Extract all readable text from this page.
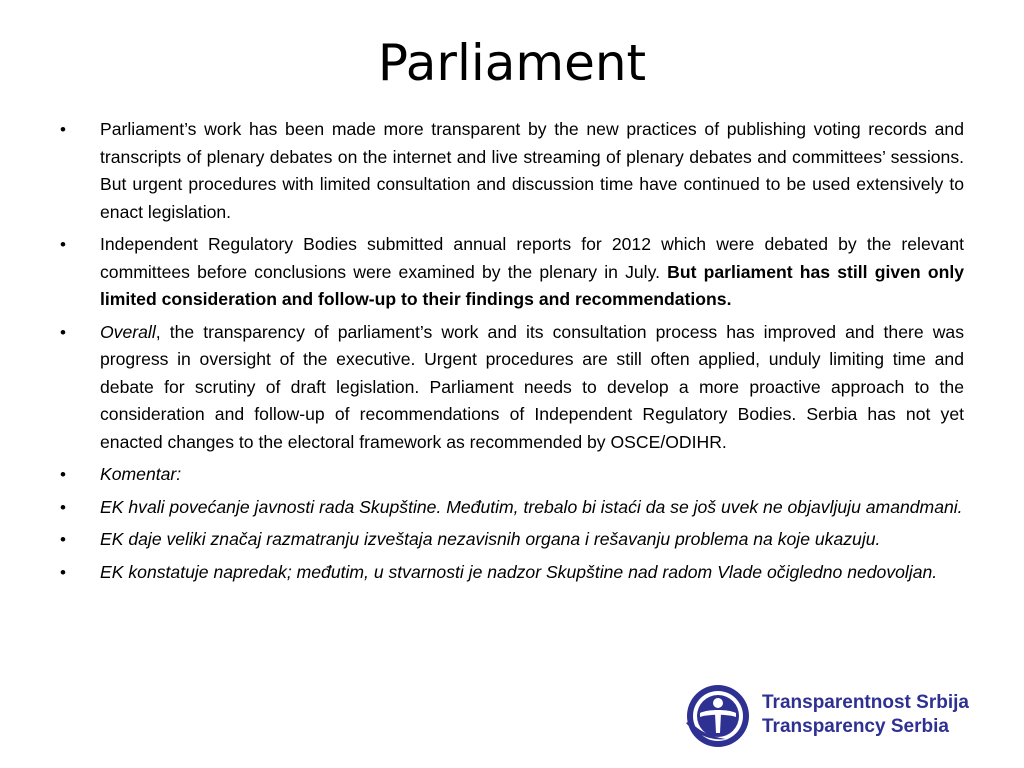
Parliament
•	Parliament’s work has been made more transparent by the new practices of publishing voting records and transcripts of plenary debates on the internet and live streaming of plenary debates and committees’ sessions. But urgent procedures with limited consultation and discussion time have continued to be used extensively to enact legislation.
•	Independent Regulatory Bodies submitted annual reports for 2012 which were debated by the relevant committees before conclusions were examined by the plenary in July. But parliament has still given only limited consideration and follow-up to their findings and recommendations.
•	Overall, the transparency of parliament’s work and its consultation process has improved and there was progress in oversight of the executive. Urgent procedures are still often applied, unduly limiting time and debate for scrutiny of draft legislation. Parliament needs to develop a more proactive approach to the consideration and follow-up of recommendations of Independent Regulatory Bodies. Serbia has not yet enacted changes to the electoral framework as recommended by OSCE/ODIHR.
•	Komentar:
•	EK hvali povećanje javnosti rada Skupštine. Međutim, trebalo bi istaći da se još uvek ne objavljuju amandmani.
•	EK daje veliki značaj razmatranju izveštaja nezavisnih organa i rešavanju problema na koje ukazuju.
•	EK konstatuje napredak; međutim, u stvarnosti je nadzor Skupštine nad radom Vlade očigledno nedovoljan.
Transparentnost Srbija
Transparency Serbia
